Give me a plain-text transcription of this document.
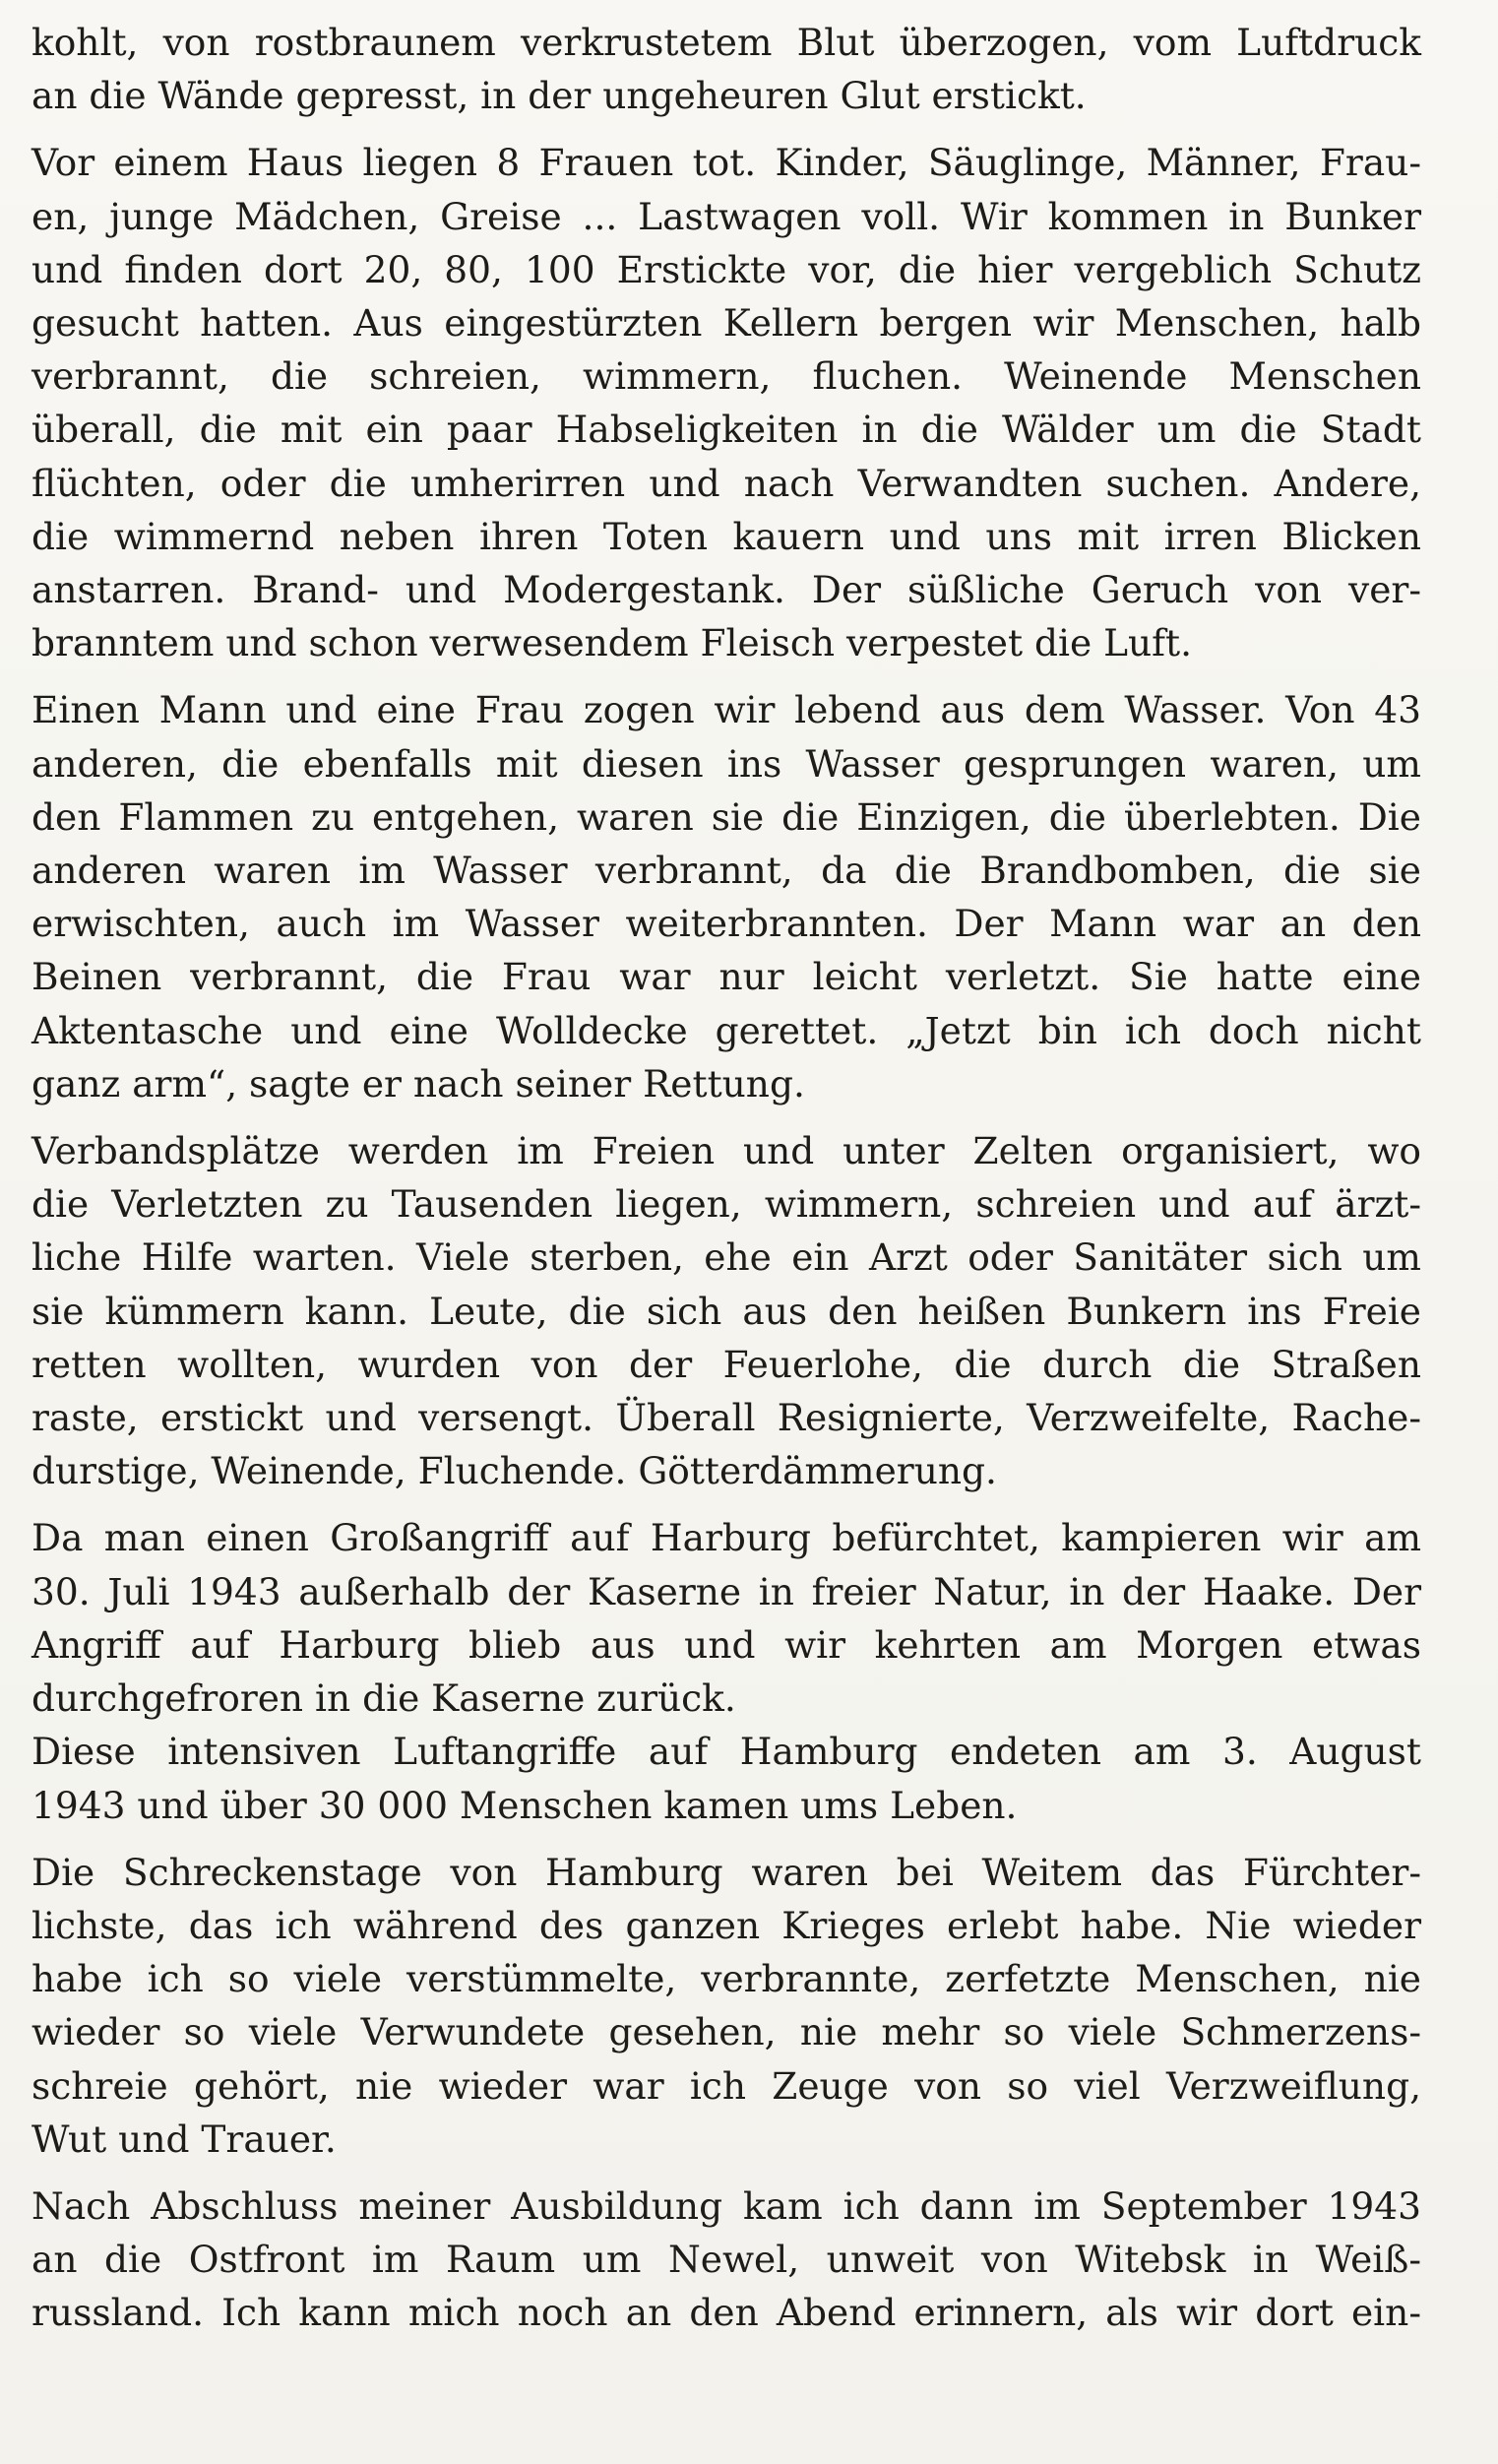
kohlt, von rostbraunem verkrustetem Blut überzogen, vom Luftdruck
an die Wände gepresst, in der ungeheuren Glut erstickt.

Vor einem Haus liegen 8 Frauen tot. Kinder, Säuglinge, Männer, Frau-
en, junge Mädchen, Greise ... Lastwagen voll. Wir kommen in Bunker
und finden dort 20, 80, 100 Erstickte vor, die hier vergeblich Schutz
gesucht hatten. Aus eingestürzten Kellern bergen wir Menschen, halb
verbrannt, die schreien, wimmern, fluchen. Weinende Menschen
überall, die mit ein paar Habseligkeiten in die Wälder um die Stadt
flüchten, oder die umherirren und nach Verwandten suchen. Andere,
die wimmernd neben ihren Toten kauern und uns mit irren Blicken
anstarren. Brand- und Modergestank. Der süßliche Geruch von ver-
branntem und schon verwesendem Fleisch verpestet die Luft.

Einen Mann und eine Frau zogen wir lebend aus dem Wasser. Von 43
anderen, die ebenfalls mit diesen ins Wasser gesprungen waren, um
den Flammen zu entgehen, waren sie die Einzigen, die überlebten. Die
anderen waren im Wasser verbrannt, da die Brandbomben, die sie
erwischten, auch im Wasser weiterbrannten. Der Mann war an den
Beinen verbrannt, die Frau war nur leicht verletzt. Sie hatte eine
Aktentasche und eine Wolldecke gerettet. „Jetzt bin ich doch nicht
ganz arm“, sagte er nach seiner Rettung.

Verbandsplätze werden im Freien und unter Zelten organisiert, wo
die Verletzten zu Tausenden liegen, wimmern, schreien und auf ärzt-
liche Hilfe warten. Viele sterben, ehe ein Arzt oder Sanitäter sich um
sie kümmern kann. Leute, die sich aus den heißen Bunkern ins Freie
retten wollten, wurden von der Feuerlohe, die durch die Straßen
raste, erstickt und versengt. Überall Resignierte, Verzweifelte, Rache-
durstige, Weinende, Fluchende. Götterdämmerung.

Da man einen Großangriff auf Harburg befürchtet, kampieren wir am
30. Juli 1943 außerhalb der Kaserne in freier Natur, in der Haake. Der
Angriff auf Harburg blieb aus und wir kehrten am Morgen etwas
durchgefroren in die Kaserne zurück.

Diese intensiven Luftangriffe auf Hamburg endeten am 3. August
1943 und über 30 000 Menschen kamen ums Leben.

Die Schreckenstage von Hamburg waren bei Weitem das Fürchter-
lichste, das ich während des ganzen Krieges erlebt habe. Nie wieder
habe ich so viele verstümmelte, verbrannte, zerfetzte Menschen, nie
wieder so viele Verwundete gesehen, nie mehr so viele Schmerzens-
schreie gehört, nie wieder war ich Zeuge von so viel Verzweiflung,
Wut und Trauer.

Nach Abschluss meiner Ausbildung kam ich dann im September 1943
an die Ostfront im Raum um Newel, unweit von Witebsk in Weiß-
russland. Ich kann mich noch an den Abend erinnern, als wir dort ein-
